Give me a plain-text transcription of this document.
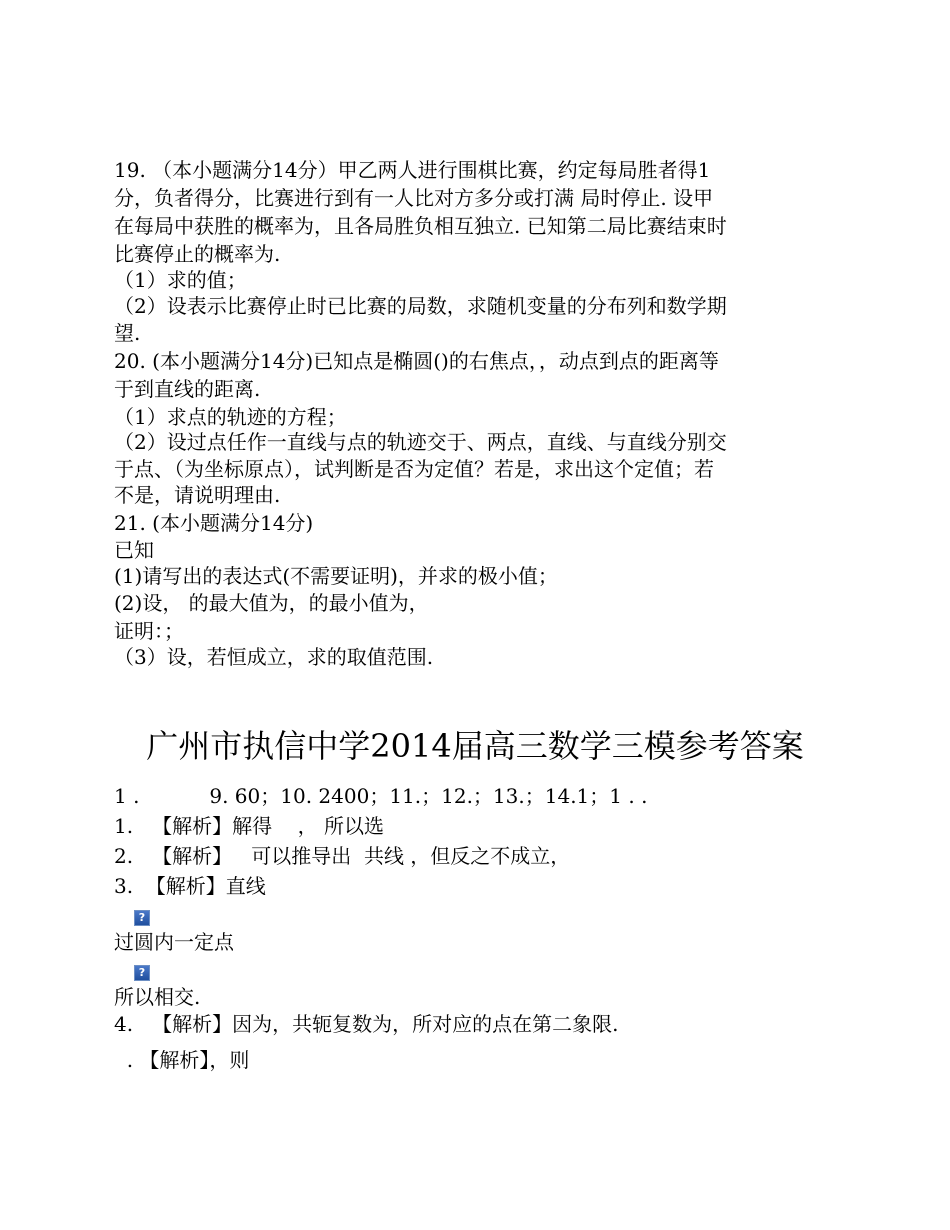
19. （本小题满分14分）甲乙两人进行围棋比赛，约定每局胜者得1
分，负者得分，比赛进行到有一人比对方多分或打满 局时停止. 设甲
在每局中获胜的概率为，且各局胜负相互独立. 已知第二局比赛结束时
比赛停止的概率为.
（1）求的值；
（2）设表示比赛停止时已比赛的局数，求随机变量的分布列和数学期
望.
20. (本小题满分14分)已知点是椭圆()的右焦点，，动点到点的距离等
于到直线的距离.
（1）求点的轨迹的方程；
（2）设过点任作一直线与点的轨迹交于、两点，直线、与直线分别交
于点、（为坐标原点），试判断是否为定值？若是，求出这个定值；若
不是，请说明理由.
21. (本小题满分14分)
已知
(1)请写出的表达式(不需要证明)，并求的极小值；
(2)设， 的最大值为，的最小值为，
证明：；
（3）设，若恒成立，求的取值范围.
广州市执信中学2014届高三数学三模参考答案
1 .           9. 60；10. 2400；11.；12.；13.；14.1；1 . .
1.   【解析】解得    ， 所以选
2.   【解析】   可以推导出  共线 ，但反之不成立，
3.  【解析】直线
?
过圆内一定点
?
所以相交.
4.   【解析】因为，共轭复数为，所对应的点在第二象限.
. 【解析】，则
